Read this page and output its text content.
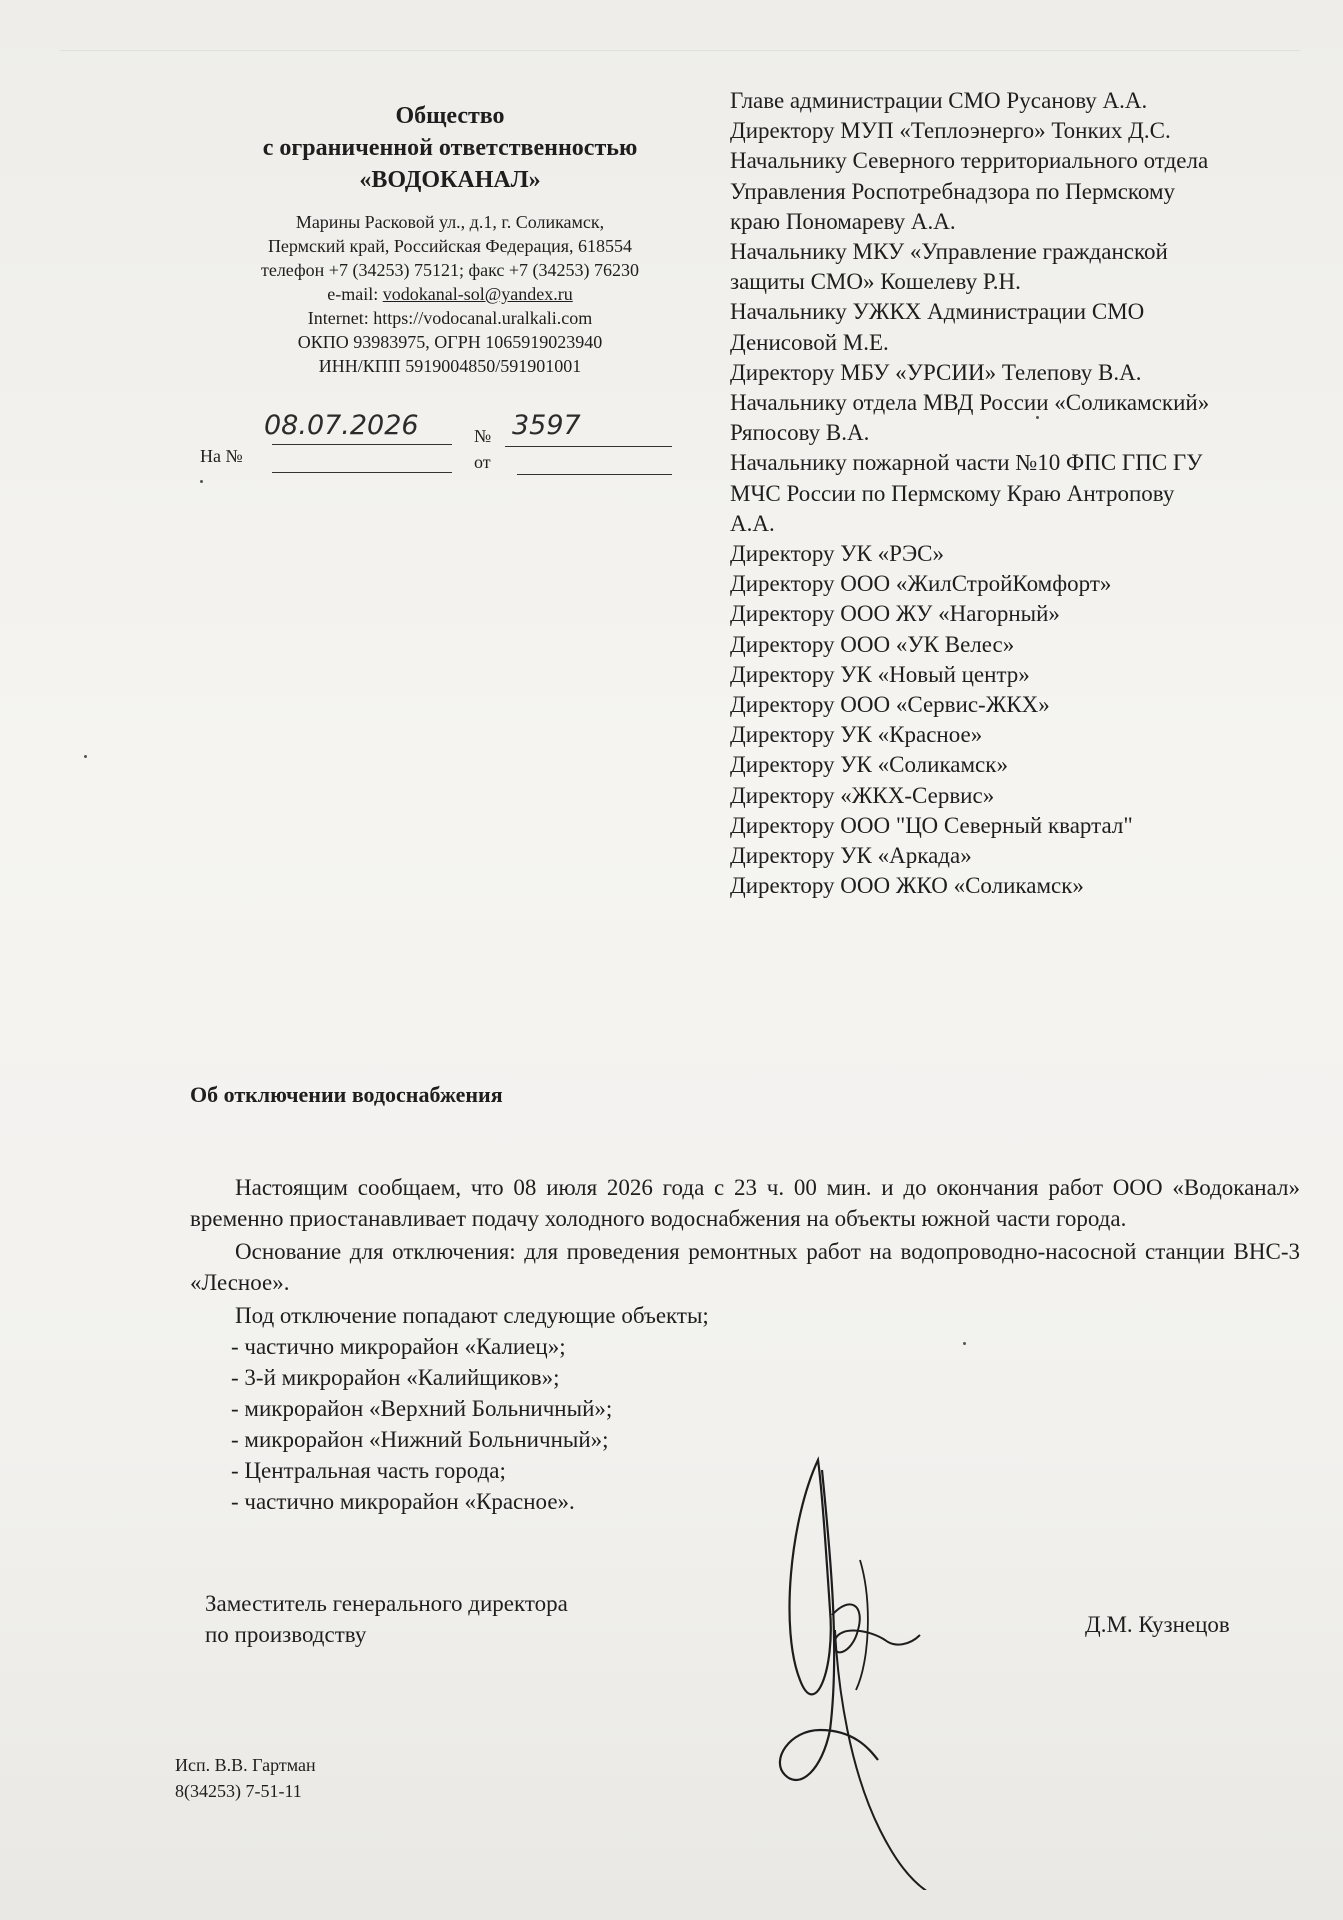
Общество
с ограниченной ответственностью
«ВОДОКАНАЛ»
Марины Расковой ул., д.1, г. Соликамск,
Пермский край, Российская Федерация, 618554
телефон +7 (34253) 75121; факс +7 (34253) 76230
e-mail: vodokanal-sol@yandex.ru
Internet: https://vodocanal.uralkali.com
ОКПО 93983975, ОГРН 1065919023940
ИНН/КПП 5919004850/591901001
08.07.2026	№ 3597
На №	от
Главе администрации СМО Русанову А.А.
Директору МУП «Теплоэнерго» Тонких Д.С.
Начальнику Северного территориального отдела
Управления Роспотребнадзора по Пермскому
краю Пономареву А.А.
Начальнику МКУ «Управление гражданской
защиты СМО» Кошелеву Р.Н.
Начальнику УЖКХ Администрации СМО
Денисовой М.Е.
Директору МБУ «УРСИИ» Телепову В.А.
Начальнику отдела МВД России «Соликамский»
Ряпосову В.А.
Начальнику пожарной части №10 ФПС ГПС ГУ
МЧС России по Пермскому Краю Антропову
А.А.
Директору УК «РЭС»
Директору ООО «ЖилСтройКомфорт»
Директору ООО ЖУ «Нагорный»
Директору ООО «УК Велес»
Директору УК «Новый центр»
Директору ООО «Сервис-ЖКХ»
Директору УК «Красное»
Директору УК «Соликамск»
Директору «ЖКХ-Сервис»
Директору ООО "ЦО Северный квартал"
Директору УК «Аркада»
Директору ООО ЖКО «Соликамск»
Об отключении водоснабжения

Настоящим сообщаем, что 08 июля 2026 года с 23 ч. 00 мин. и до окончания работ ООО «Водоканал» временно приостанавливает подачу холодного водоснабжения на объекты южной части города.

Основание для отключения: для проведения ремонтных работ на водопроводно-насосной станции ВНС-3 «Лесное».

Под отключение попадают следующие объекты;
- частично микрорайон «Калиец»;
- 3-й микрорайон «Калийщиков»;
- микрорайон «Верхний Больничный»;
- микрорайон «Нижний Больничный»;
- Центральная часть города;
- частично микрорайон «Красное».
Заместитель генерального директора
по производству	Д.М. Кузнецов
Исп. В.В. Гартман
8(34253) 7-51-11
